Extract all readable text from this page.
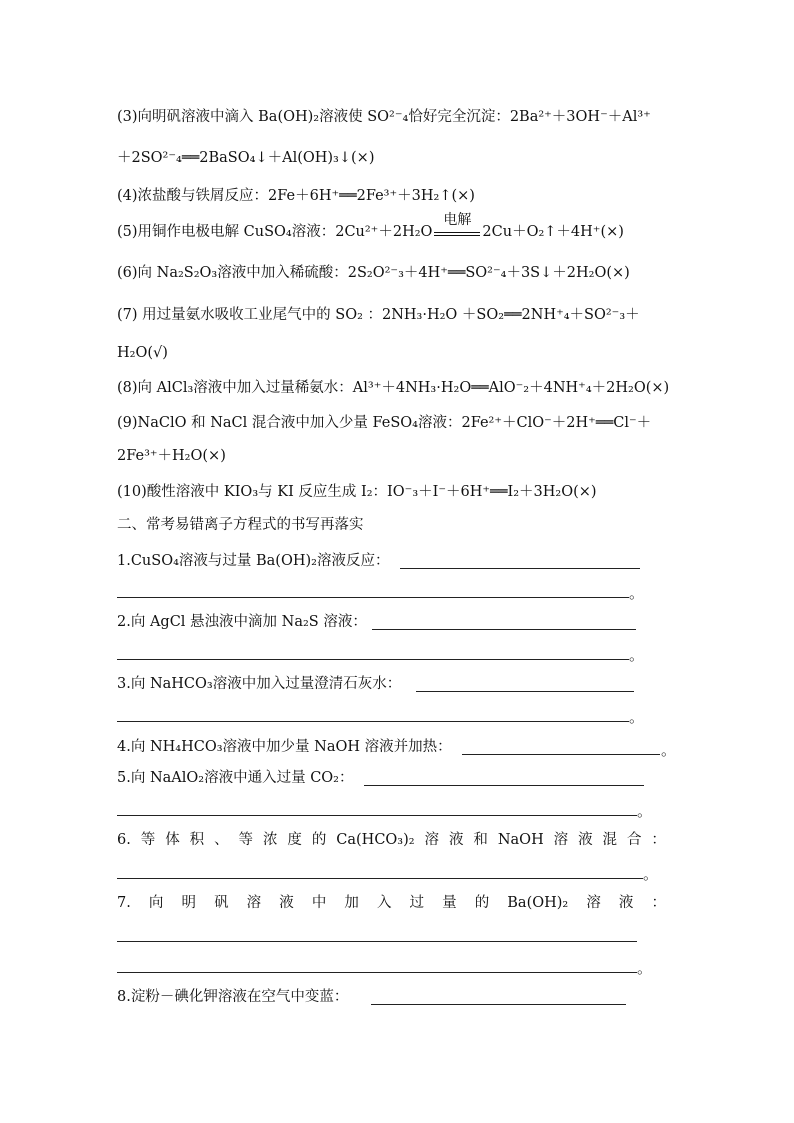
(3)向明矾溶液中滴入 Ba(OH)₂溶液使 SO²⁻₄恰好完全沉淀：2Ba²⁺＋3OH⁻＋Al³⁺
＋2SO²⁻₄══2BaSO₄↓＋Al(OH)₃↓(×)
(4)浓盐酸与铁屑反应：2Fe＋6H⁺══2Fe³⁺＋3H₂↑(×)
(5)用铜作电极电解 CuSO₄溶液：2Cu²⁺＋2H₂O
电解
2Cu＋O₂↑＋4H⁺(×)
(6)向 Na₂S₂O₃溶液中加入稀硫酸：2S₂O²⁻₃＋4H⁺══SO²⁻₄＋3S↓＋2H₂O(×)
(7) 用过量氨水吸收工业尾气中的 SO₂ ：2NH₃·H₂O ＋SO₂══2NH⁺₄＋SO²⁻₃＋
H₂O(√)
(8)向 AlCl₃溶液中加入过量稀氨水：Al³⁺＋4NH₃·H₂O══AlO⁻₂＋4NH⁺₄＋2H₂O(×)
(9)NaClO 和 NaCl 混合液中加入少量 FeSO₄溶液：2Fe²⁺＋ClO⁻＋2H⁺══Cl⁻＋
2Fe³⁺＋H₂O(×)
(10)酸性溶液中 KIO₃与 KI 反应生成 I₂：IO⁻₃＋I⁻＋6H⁺══I₂＋3H₂O(×)
二、常考易错离子方程式的书写再落实
1.CuSO₄溶液与过量 Ba(OH)₂溶液反应：
。
2.向 AgCl 悬浊液中滴加 Na₂S 溶液：
。
3.向 NaHCO₃溶液中加入过量澄清石灰水：
。
4.向 NH₄HCO₃溶液中加少量 NaOH 溶液并加热：	。
5.向 NaAlO₂溶液中通入过量 CO₂：
。
6. 等 体 积 、 等 浓 度 的 Ca(HCO₃)₂ 溶 液 和 NaOH 溶 液 混 合 ：
。
7. 向 明 矾 溶 液 中 加 入 过 量 的 Ba(OH)₂ 溶 液 ：
。
8.淀粉－碘化钾溶液在空气中变蓝：
